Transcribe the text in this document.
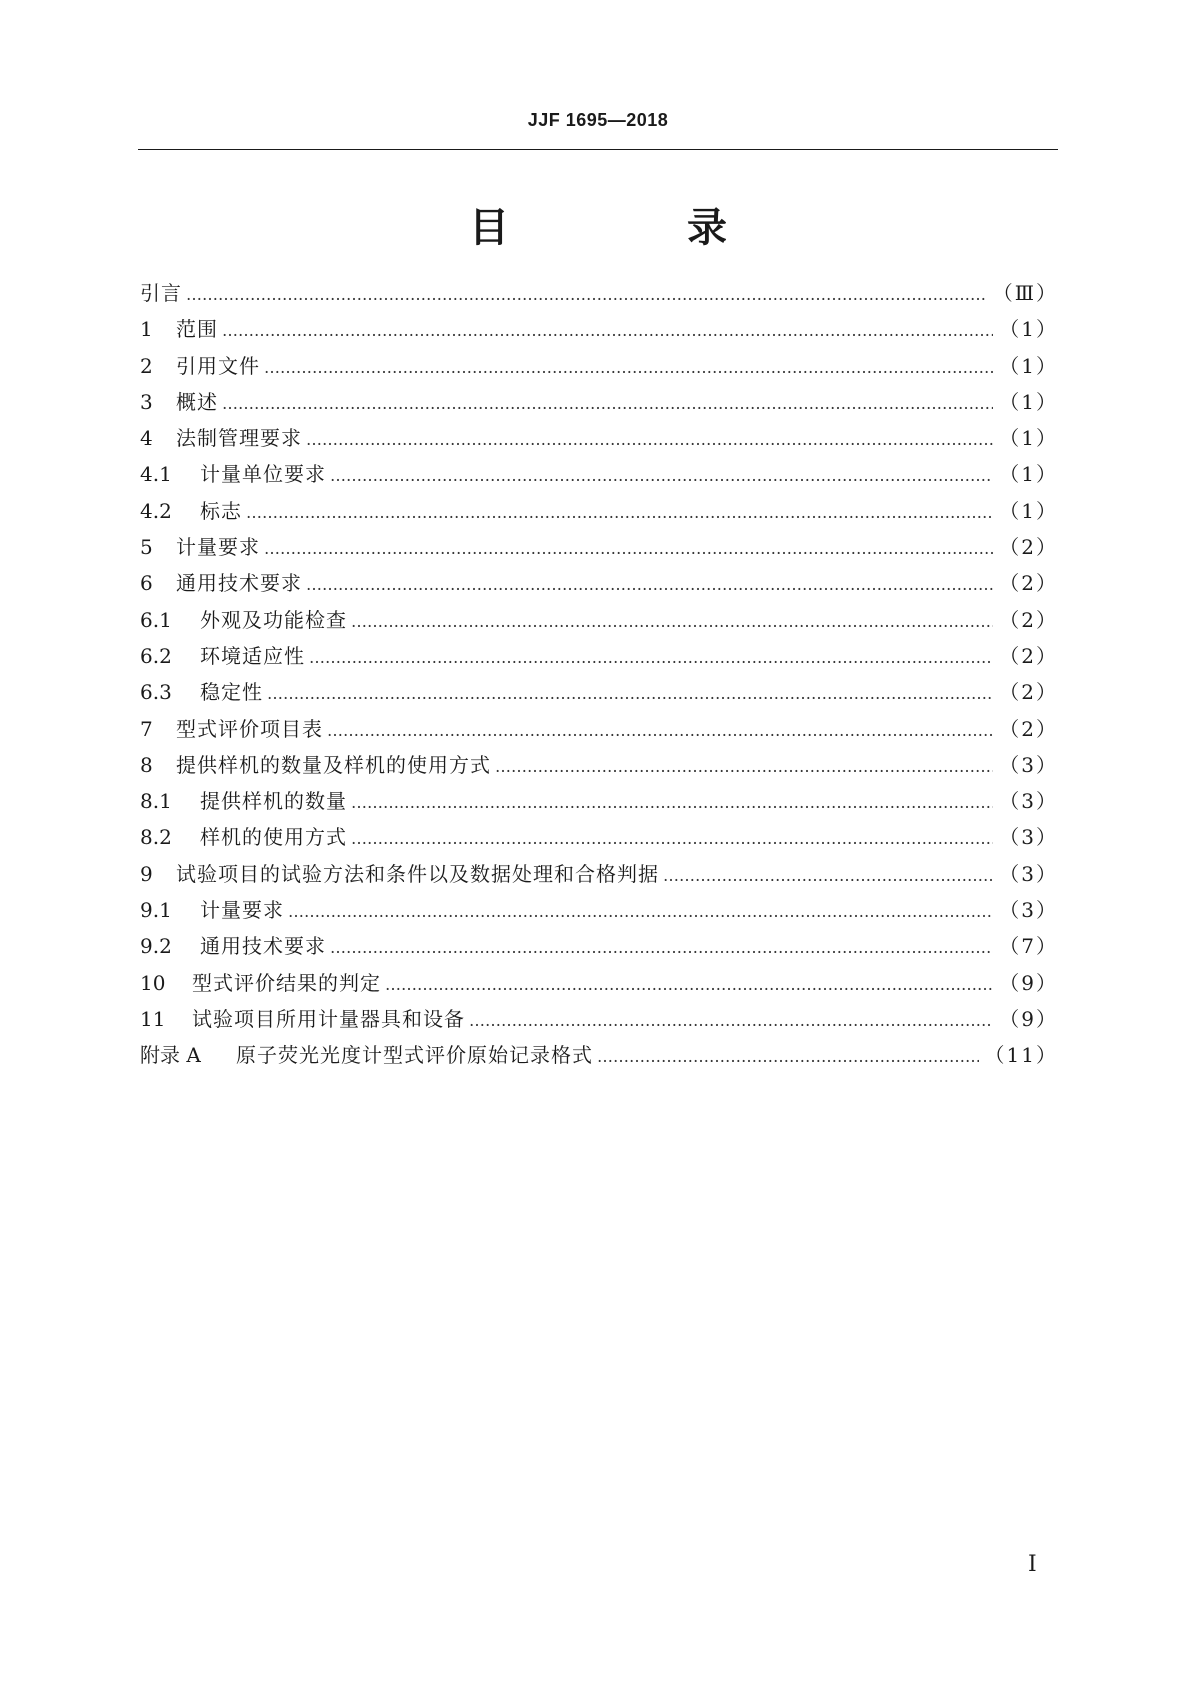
JJF 1695—2018
目 录
引言 ……………………………………………………………………………………………………………………………………………………………………………………………………	（Ⅲ）
1	范围 ……………………………………………………………………………………………………………………………………………………………………………………………………	（1）
2	引用文件 ……………………………………………………………………………………………………………………………………………………………………………………………………	（1）
3	概述 ……………………………………………………………………………………………………………………………………………………………………………………………………	（1）
4	法制管理要求 ……………………………………………………………………………………………………………………………………………………………………………………………………	（1）
4.1	计量单位要求 ……………………………………………………………………………………………………………………………………………………………………………………………………	（1）
4.2	标志 ……………………………………………………………………………………………………………………………………………………………………………………………………	（1）
5	计量要求 ……………………………………………………………………………………………………………………………………………………………………………………………………	（2）
6	通用技术要求 ……………………………………………………………………………………………………………………………………………………………………………………………………	（2）
6.1	外观及功能检查 ……………………………………………………………………………………………………………………………………………………………………………………………………	（2）
6.2	环境适应性 ……………………………………………………………………………………………………………………………………………………………………………………………………	（2）
6.3	稳定性 ……………………………………………………………………………………………………………………………………………………………………………………………………	（2）
7	型式评价项目表 ……………………………………………………………………………………………………………………………………………………………………………………………………	（2）
8	提供样机的数量及样机的使用方式 ……………………………………………………………………………………………………………………………………………………………………………………………………	（3）
8.1	提供样机的数量 ……………………………………………………………………………………………………………………………………………………………………………………………………	（3）
8.2	样机的使用方式 ……………………………………………………………………………………………………………………………………………………………………………………………………	（3）
9	试验项目的试验方法和条件以及数据处理和合格判据 ……………………………………………………………………………………………………………………………………………………………………………………………………	（3）
9.1	计量要求 ……………………………………………………………………………………………………………………………………………………………………………………………………	（3）
9.2	通用技术要求 ……………………………………………………………………………………………………………………………………………………………………………………………………	（7）
10	型式评价结果的判定 ……………………………………………………………………………………………………………………………………………………………………………………………………	（9）
11	试验项目所用计量器具和设备 ……………………………………………………………………………………………………………………………………………………………………………………………………	（9）
附录 A	原子荧光光度计型式评价原始记录格式 ……………………………………………………………………………………………………………………………………………………………………………………………………	（11）
Ⅰ
